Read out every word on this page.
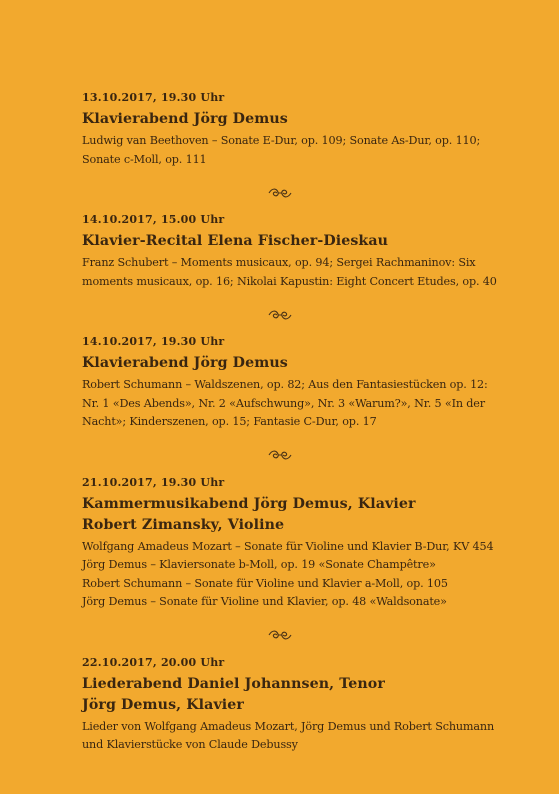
13.10.2017, 19.30 Uhr
Klavierabend Jörg Demus
Ludwig van Beethoven – Sonate E-Dur, op. 109; Sonate As-Dur, op. 110;
Sonate c-Moll, op. 111
14.10.2017, 15.00 Uhr
Klavier-Recital Elena Fischer-Dieskau
Franz Schubert – Moments musicaux, op. 94; Sergei Rachmaninov: Six
moments musicaux, op. 16; Nikolai Kapustin: Eight Concert Etudes, op. 40
14.10.2017, 19.30 Uhr
Klavierabend Jörg Demus
Robert Schumann – Waldszenen, op. 82; Aus den Fantasiestücken op. 12:
Nr. 1 «Des Abends», Nr. 2 «Aufschwung», Nr. 3 «Warum?», Nr. 5 «In der
Nacht»; Kinderszenen, op. 15; Fantasie C-Dur, op. 17
21.10.2017, 19.30 Uhr
Kammermusikabend Jörg Demus, Klavier
Robert Zimansky, Violine
Wolfgang Amadeus Mozart – Sonate für Violine und Klavier B-Dur, KV 454
Jörg Demus – Klaviersonate b-Moll, op. 19 «Sonate Champêtre»
Robert Schumann – Sonate für Violine und Klavier a-Moll, op. 105
Jörg Demus – Sonate für Violine und Klavier, op. 48 «Waldsonate»
22.10.2017, 20.00 Uhr
Liederabend Daniel Johannsen, Tenor
Jörg Demus, Klavier
Lieder von Wolfgang Amadeus Mozart, Jörg Demus und Robert Schumann
und Klavierstücke von Claude Debussy
